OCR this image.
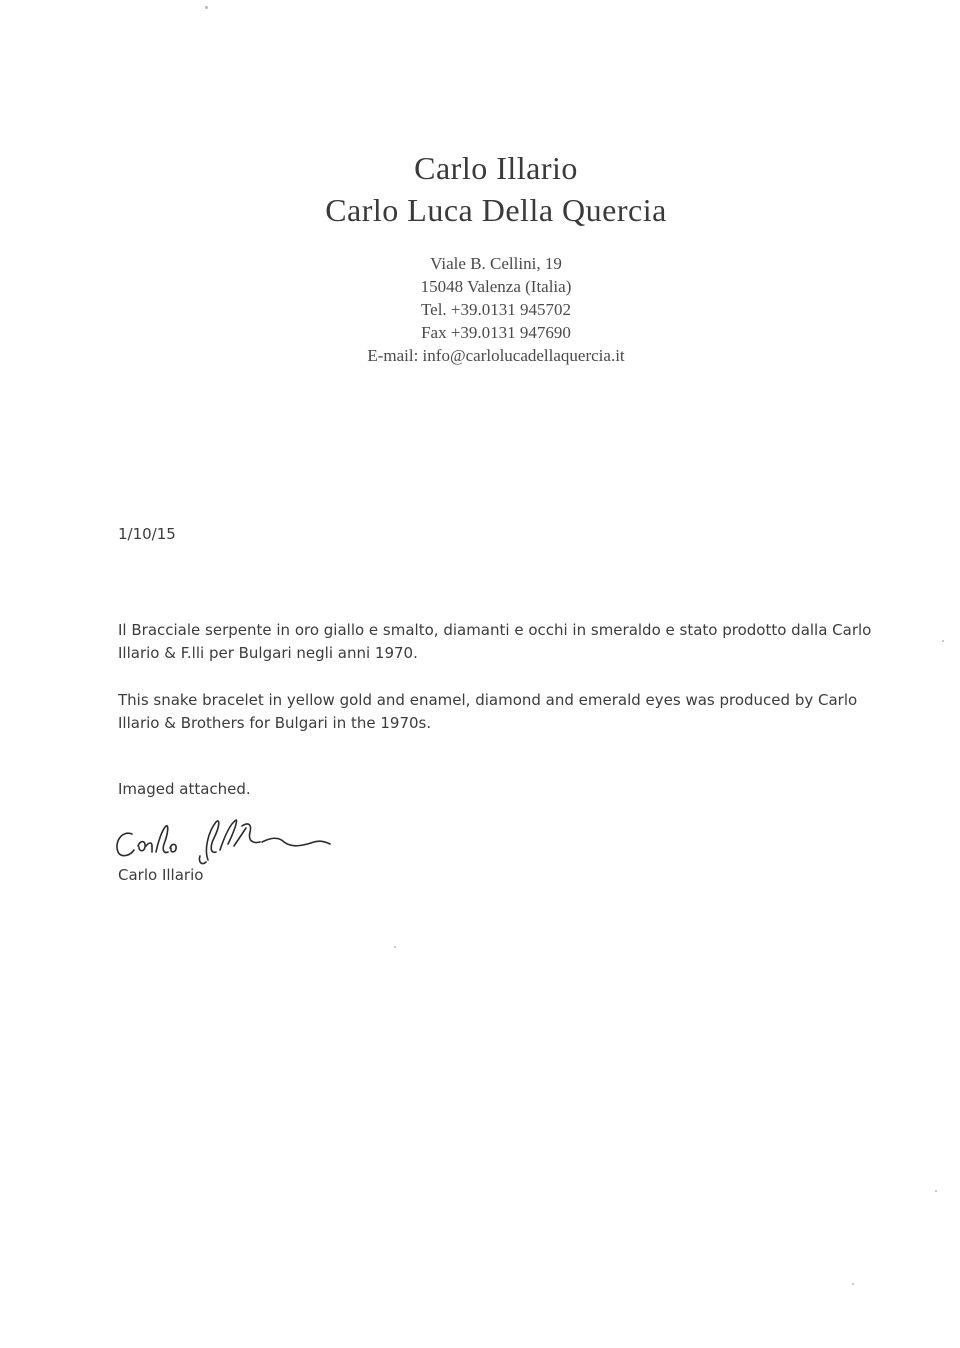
Carlo Illario
Carlo Luca Della Quercia
Viale B. Cellini, 19
15048 Valenza (Italia)
Tel. +39.0131 945702
Fax +39.0131 947690
E-mail: info@carlolucadellaquercia.it
1/10/15

Il Bracciale serpente in oro giallo e smalto, diamanti e occhi in smeraldo e stato prodotto dalla Carlo Illario & F.lli per Bulgari negli anni 1970.

This snake bracelet in yellow gold and enamel, diamond and emerald eyes was produced by Carlo Illario & Brothers for Bulgari in the 1970s.

Imaged attached.
Carlo Illario
